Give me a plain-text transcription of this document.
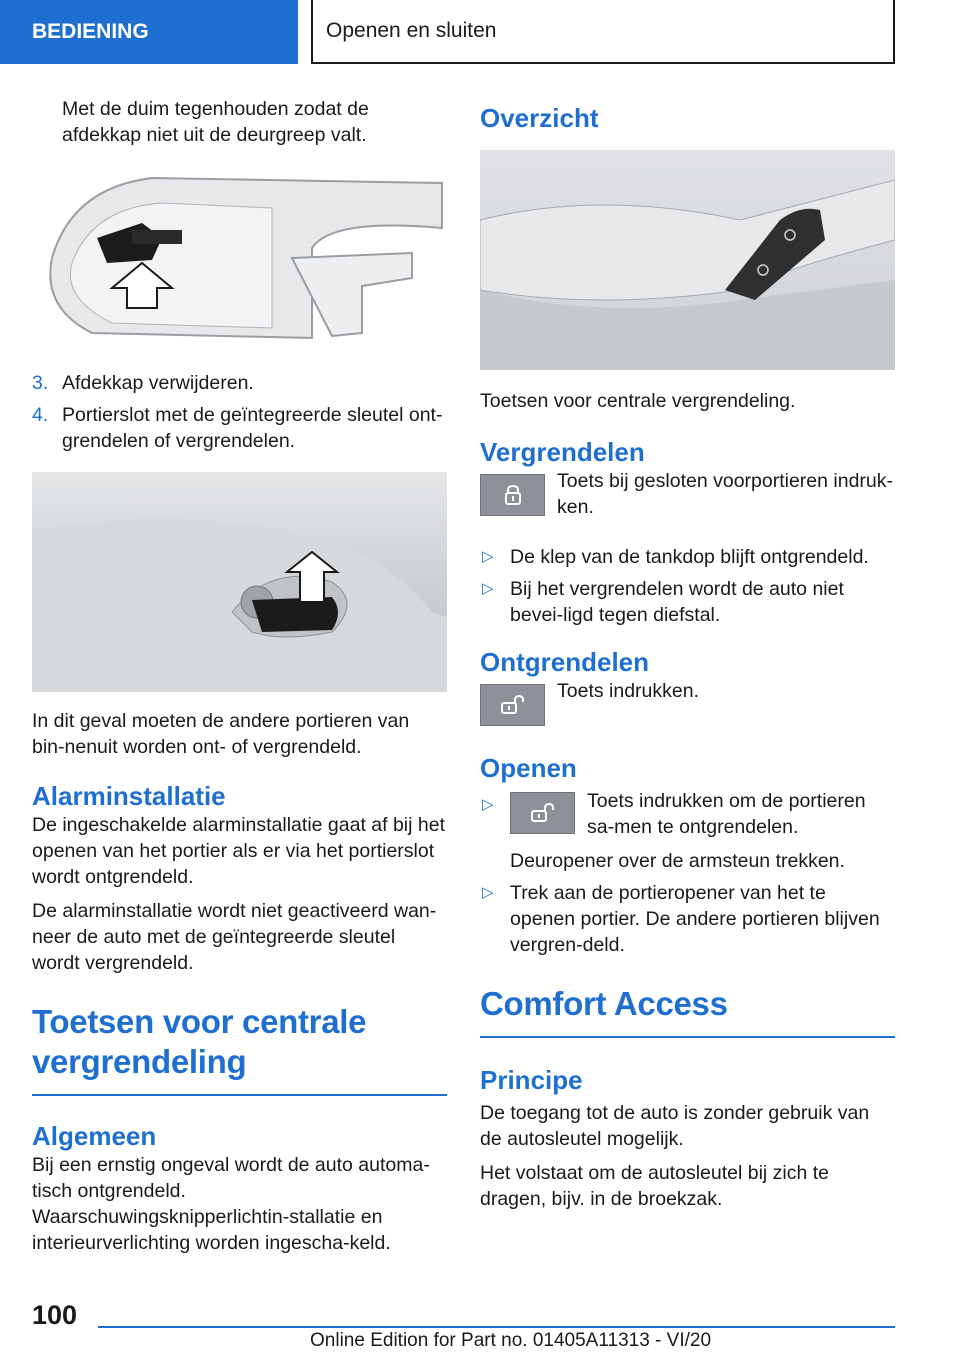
BEDIENING	Openen en sluiten

Met de duim tegenhouden zodat de afdekkap niet uit de deurgreep valt.

3. Afdekkap verwijderen.
4. Portierslot met de geïntegreerde sleutel ont-grendelen of vergrendelen.

In dit geval moeten de andere portieren van bin-nenuit worden ont- of vergrendeld.

Alarminstallatie

De ingeschakelde alarminstallatie gaat af bij het openen van het portier als er via het portierslot wordt ontgrendeld.

De alarminstallatie wordt niet geactiveerd wan-neer de auto met de geïntegreerde sleutel wordt vergrendeld.

Toetsen voor centrale vergrendeling
Algemeen

Bij een ernstig ongeval wordt de auto automa-tisch ontgrendeld. Waarschuwingsknipperlichtin-stallatie en interieurverlichting worden ingescha-keld.

Overzicht

Toetsen voor centrale vergrendeling.

Vergrendelen

Toets bij gesloten voorportieren indruk-ken.

▷ De klep van de tankdop blijft ontgrendeld.
▷ Bij het vergrendelen wordt de auto niet bevei-ligd tegen diefstal.
Ontgrendelen

Toets indrukken.

Openen
▷	Toets indrukken om de portieren sa-men te ontgrendelen.
Deuropener over de armsteun trekken.
▷ Trek aan de portieropener van het te openen portier. De andere portieren blijven vergren-deld.
Comfort Access
Principe

De toegang tot de auto is zonder gebruik van de autosleutel mogelijk.

Het volstaat om de autosleutel bij zich te dragen, bijv. in de broekzak.

100
Online Edition for Part no. 01405A11313 - VI/20
